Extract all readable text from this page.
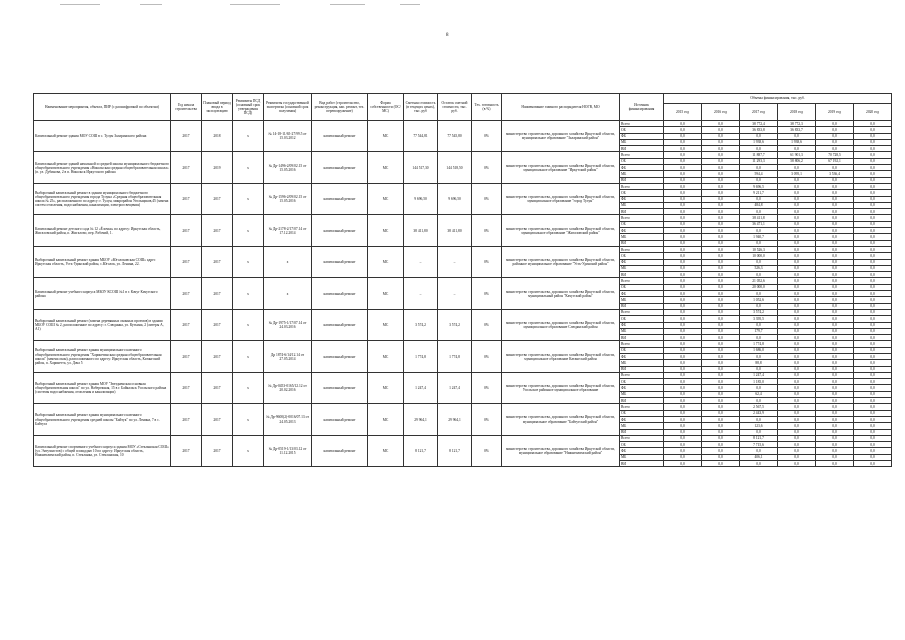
8
Наименование мероприятия, объекта, ПИР (с расшифровкой по объектам)	Год начала строительства	Плановый период ввода в эксплуатацию	Реквизиты ПСД (основный срок утверждения ПСД)	Реквизиты государственной экспертизы (основной срок получения)	Вид работ (строительство, реконструкция, кап. ремонт, тех. перевооружение)	Форма собственности (ОС/МС)	Сметная стоимость (в текущих ценах), тыс. руб	Остаток сметной стоимости, тыс. руб.	Тех. готовность (в %)	Наименование главного распорядителя НОГВ, МО	Источник финансирования	Объемы финансирования, тыс. руб.					
												2015 год	2016 год	2017 год	2018 год	2019 год	2020 год
Капитальный ремонт здания МОУ СОШ в с. Тулун Заларинского района	2017	2018	х	№ 14-18-11/65-27/99.5 от 15.03.2012	капитальный ремонт	МС	77 544,81	77 545,80	0%	министерство строительства, дорожного хозяйства Иркутской области, муниципальное образование "Заларинский район"	Всего	0,0	0,0	38 772,4	38 772,3	0,0	0,0
											ОБ	0,0	0,0	36 833,8	36 833,7	0,0	0,0
											ФБ	0,0	0,0	0,0	0,0	0,0	0,0
											МБ	0,0	0,0	1 938,6	1 938,6	0,0	0,0
											ВИ	0,0	0,0	0,0	0,0	0,0	0,0
Капитальный ремонт зданий начальной и средней школы муниципального бюджетного общеобразовательного учреждения «Никольская средняя общеобразовательная школа» (п. ул. Дубинова, 2 в п. Никольск Иркутского района	2017	2019	х	№ Др-1496-2/09/02.15 от 15.05.2016	капитальный ремонт	МС	144 517,30	144 518,50	0%	министерство строительства, дорожного хозяйства Иркутской области, муниципальное образование "Иркутский район"	Всего	0,0	0,0	11 887,7	61 901,3	70 728,5	0,0
											ОБ	0,0	0,0	11 293,3	58 806,2	67 192,1	0,0
											ФБ	0,0	0,0	0,0	0,0	0,0	0,0
											МБ	0,0	0,0	594,4	3 095,1	3 536,4	0,0
											ВИ	0,0	0,0	0,0	0,0	0,0	0,0
Выборочный капитальный ремонт в здании муниципального бюджетного общеобразовательного учреждения города Тулуна «Средняя общеобразовательная школа № 25», расположенного по адресу: г. Тулун, микрорайон Угольщиков,45 (замена систем отопления, водоснабжения, канализации, электроосвещения)	2017	2017	х	№ Др-1596-2/09/02.15 от 15.05.2016	капитальный ремонт	МС	9 696,50	9 696,50	0%	министерство строительства, дорожного хозяйства Иркутской области, муниципальное образование "город Тулун"	Всего	0,0	0,0	9 696,5	0,0	0,0	0,0
											ОБ	0,0	0,0	9 211,7	0,0	0,0	0,0
											ФБ	0,0	0,0	0,0	0,0	0,0	0,0
											МБ	0,0	0,0	484,8	0,0	0,0	0,0
											ВИ	0,0	0,0	0,0	0,0	0,0	0,0
Капитальный ремонт детского сада № 12 «Ёлочка» по адресу: Иркутская область, Жигаловский район, п. Жигалово, пер. Рабочий, 1.	2017	2017	х	№ Др-2178-2/17/07.14 от 17.12.2014	капитальный ремонт	МС	38 411,80	38 411,80	0%	министерство строительства, дорожного хозяйства Иркутской области, муниципальное образование "Жигаловский район"	Всего	0,0	0,0	38 411,8	0,0	0,0	0,0
											ОБ	0,0	0,0	36 471,1	0,0	0,0	0,0
											ФБ	0,0	0,0	0,0	0,0	0,0	0,0
											МБ	0,0	0,0	1 940,7	0,0	0,0	0,0
											ВИ	0,0	0,0	0,0	0,0	0,0	0,0
Выборочный капитальный ремонт здания МБОУ «Юголоковская СОШ» адрес Иркутская область, Усть-Удинский район, с.Юголок, ул. Ленина, 22.	2017	2017	х	х	капитальный ремонт	МС	–	–	0%	министерство строительства, дорожного хозяйства Иркутской области, районное муниципальное образование "Усть-Удинский район"	Всего	0,0	0,0	10 526,3	0,0	0,0	0,0
											ОБ	0,0	0,0	10 000,0	0,0	0,0	0,0
											ФБ	0,0	0,0	0,0	0,0	0,0	0,0
											МБ	0,0	0,0	526,3	0,0	0,0	0,0
											ВИ	0,0	0,0	0,0	0,0	0,0	0,0
Капитальный ремонт учебного корпуса МБОУ КСОШ №1 в г. Качуг Качугского района	2017	2017	х	х	капитальный ремонт	МС	–	–	0%	министерство строительства, дорожного хозяйства Иркутской области, муниципальный район "Качугский район"	Всего	0,0	0,0	21 052,6	0,0	0,0	0,0
											ОБ	0,0	0,0	20 000,0	0,0	0,0	0,0
											ФБ	0,0	0,0	0,0	0,0	0,0	0,0
											МБ	0,0	0,0	1 052,6	0,0	0,0	0,0
											ВИ	0,0	0,0	0,0	0,0	0,0	0,0
Выборочный капитальный ремонт (замена деревянных оконных проемов) в здании МБОУ СОШ № 2, расположенное по адресу: г. Слюдянка, ул. Кутьина, 2 (литеры А, А1)	2017	2017	х	№ Др-1975-1/17/07.14 от 24.03.2016	капитальный ремонт	МС	3 574,2	3 574,2	0%	министерство строительства, дорожного хозяйства Иркутской области, муниципальное образование Слюдянский район	Всего	0,0	0,0	3 574,2	0,0	0,0	0,0
											ОБ	0,0	0,0	3 395,5	0,0	0,0	0,0
											ФБ	0,0	0,0	0,0	0,0	0,0	0,0
											МБ	0,0	0,0	179,7	0,0	0,0	0,0
											ВИ	0,0	0,0	0,0	0,0	0,0	0,0
Выборочный капитальный ремонт здания муниципального казенного общеобразовательного учреждения "Харикетинская средняя общеобразовательная школа" (замена окон), расположенного по адресу: Иркутская область, Катангский район, п. Харикетта, ул. Дача 5	2017	2017	х	Др 1874-6/14/12.14 от 27.05.2014	капитальный ремонт	МС	1 774,8	1 774,8	0%	министерство строительства, дорожного хозяйства Иркутской области, муниципальное образование Катангский район	Всего	0,0	0,0	1 774,8	0,0	0,0	0,0
											ОБ	0,0	0,0	1 686,0	0,0	0,0	0,0
											ФБ	0,0	0,0	0,0	0,0	0,0	0,0
											МБ	0,0	0,0	88,8	0,0	0,0	0,0
											ВИ	0,0	0,0	0,0	0,0	0,0	0,0
Выборочный капитальный ремонт здания МОУ "Звездненская основная общеобразовательная школа" по ул. Набережная, 15 в г. Байкальск Усольского района (системы водоснабжения, отопления и канализации)	2017	2017	х	№ Др-0453-0165/12.12 от 20.02.2016	капитальный ремонт	МС	1 247,4	1 247,4	0%	министерство строительства, дорожного хозяйства Иркутской области, Усольское районное муниципальное образование	Всего	0,0	0,0	1 247,4	0,0	0,0	0,0
											ОБ	0,0	0,0	1 185,0	0,0	0,0	0,0
											ФБ	0,0	0,0	0,0	0,0	0,0	0,0
											МБ	0,0	0,0	62,4	0,0	0,0	0,0
											ВИ	0,0	0,0	0,0	0,0	0,0	0,0
Выборочный капитальный ремонт здания муниципального казенного общеобразовательного учреждения средней школы "Байтук" по ул. Ленина, 7 в с. Байтуга	2017	2017	х	№ Др-9600(2)-0016/07.13 от 24.05.2013	капитальный ремонт	МС	29 964,1	29 964,1	0%	министерство строительства, дорожного хозяйства Иркутской области, муниципальное образование "Байтугский район"	Всего	0,0	0,0	2 567,5	0,0	0,0	0,0
											ОБ	0,0	0,0	2 443,9	0,0	0,0	0,0
											ФБ	0,0	0,0	0,0	0,0	0,0	0,0
											МБ	0,0	0,0	123,6	0,0	0,0	0,0
											ВИ	0,0	0,0	0,0	0,0	0,0	0,0
Капитальный ремонт спортивного учебного корпуса здания МОУ «Стеклянская СОШ» (ул. Энтузиастов) с общей площадью 10 по адресу: Иркутская область, Нижнеилимский район, п. Стеклянка, ул. Стеклянская, 10	2017	2017	х	№ Др-0519-1/13/03.12 от 11.12.2015	капитальный ремонт	МС	8 121,7	8 121,7	0%	министерство строительства, дорожного хозяйства Иркутской области, муниципальное образование "Нижнеилимский район"	Всего	0,0	0,0	8 121,7	0,0	0,0	0,0
											ОБ	0,0	0,0	7 715,6	0,0	0,0	0,0
											ФБ	0,0	0,0	0,0	0,0	0,0	0,0
											МБ	0,0	0,0	406,1	0,0	0,0	0,0
											ВИ	0,0	0,0	0,0	0,0	0,0	0,0
